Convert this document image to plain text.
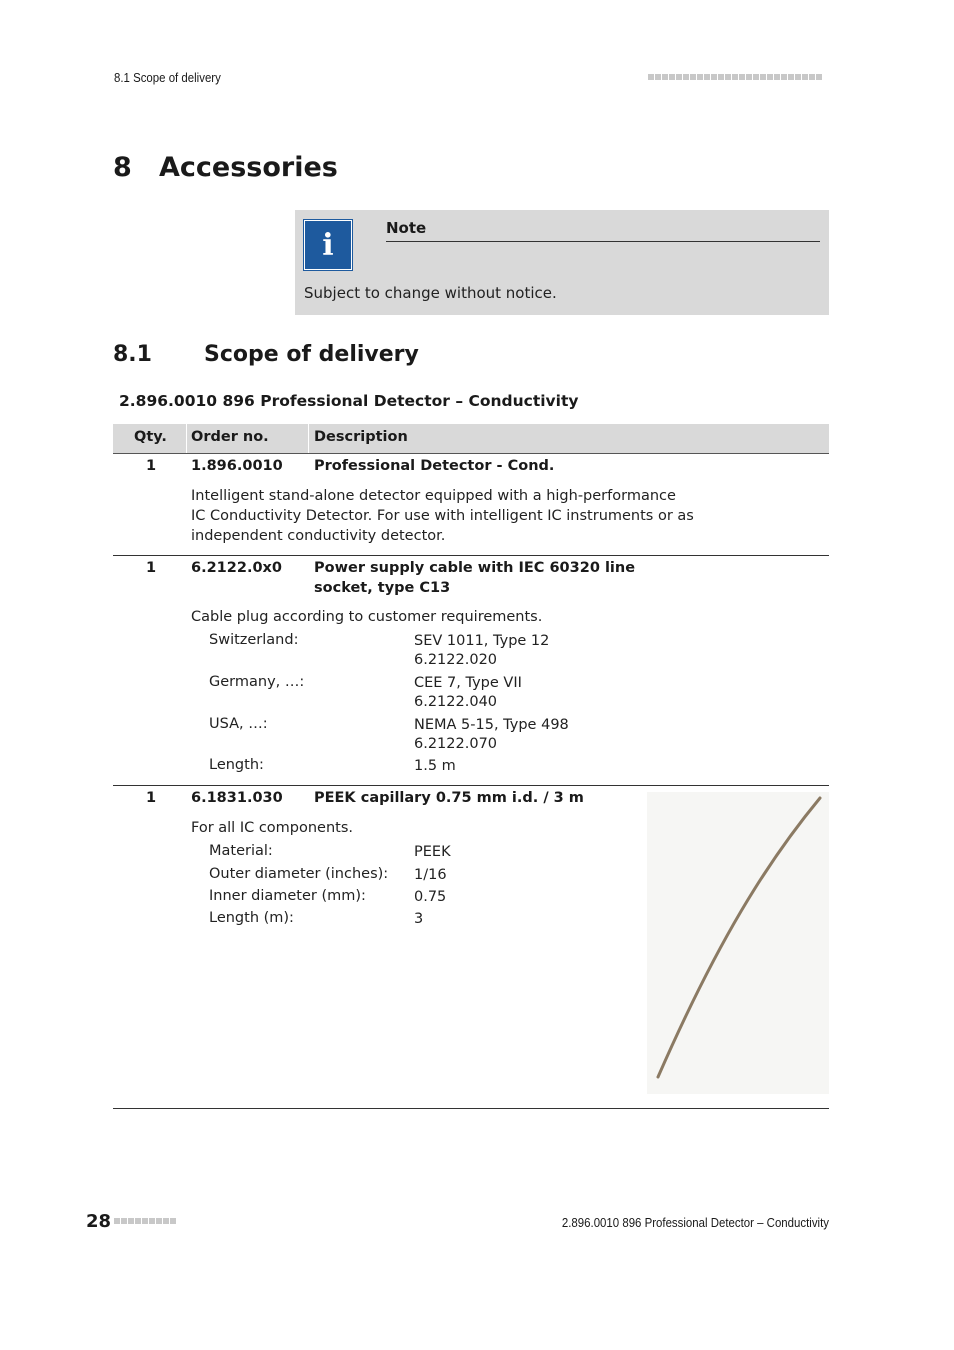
8.1 Scope of delivery
8 Accessories
i	Note
Subject to change without notice.
8.1 Scope of delivery
2.896.0010 896 Professional Detector – Conductivity
Qty. Order no.	Description
1 1.896.0010 Professional Detector - Cond.
Intelligent stand-alone detector equipped with a high-performance
IC Conductivity Detector. For use with intelligent IC instruments or as
independent conductivity detector.
1 6.2122.0x0 Power supply cable with IEC 60320 line
socket, type C13
Cable plug according to customer requirements.
Switzerland:	SEV 1011, Type 12
6.2122.020
Germany, …:	CEE 7, Type VII
6.2122.040
USA, …:	NEMA 5-15, Type 498
6.2122.070
Length:	1.5 m
1 6.1831.030 PEEK capillary 0.75 mm i.d. / 3 m
For all IC components.
Material:	PEEK
Outer diameter (inches): 1/16
Inner diameter (mm):	0.75
Length (m):	3
28	2.896.0010 896 Professional Detector – Conductivity
